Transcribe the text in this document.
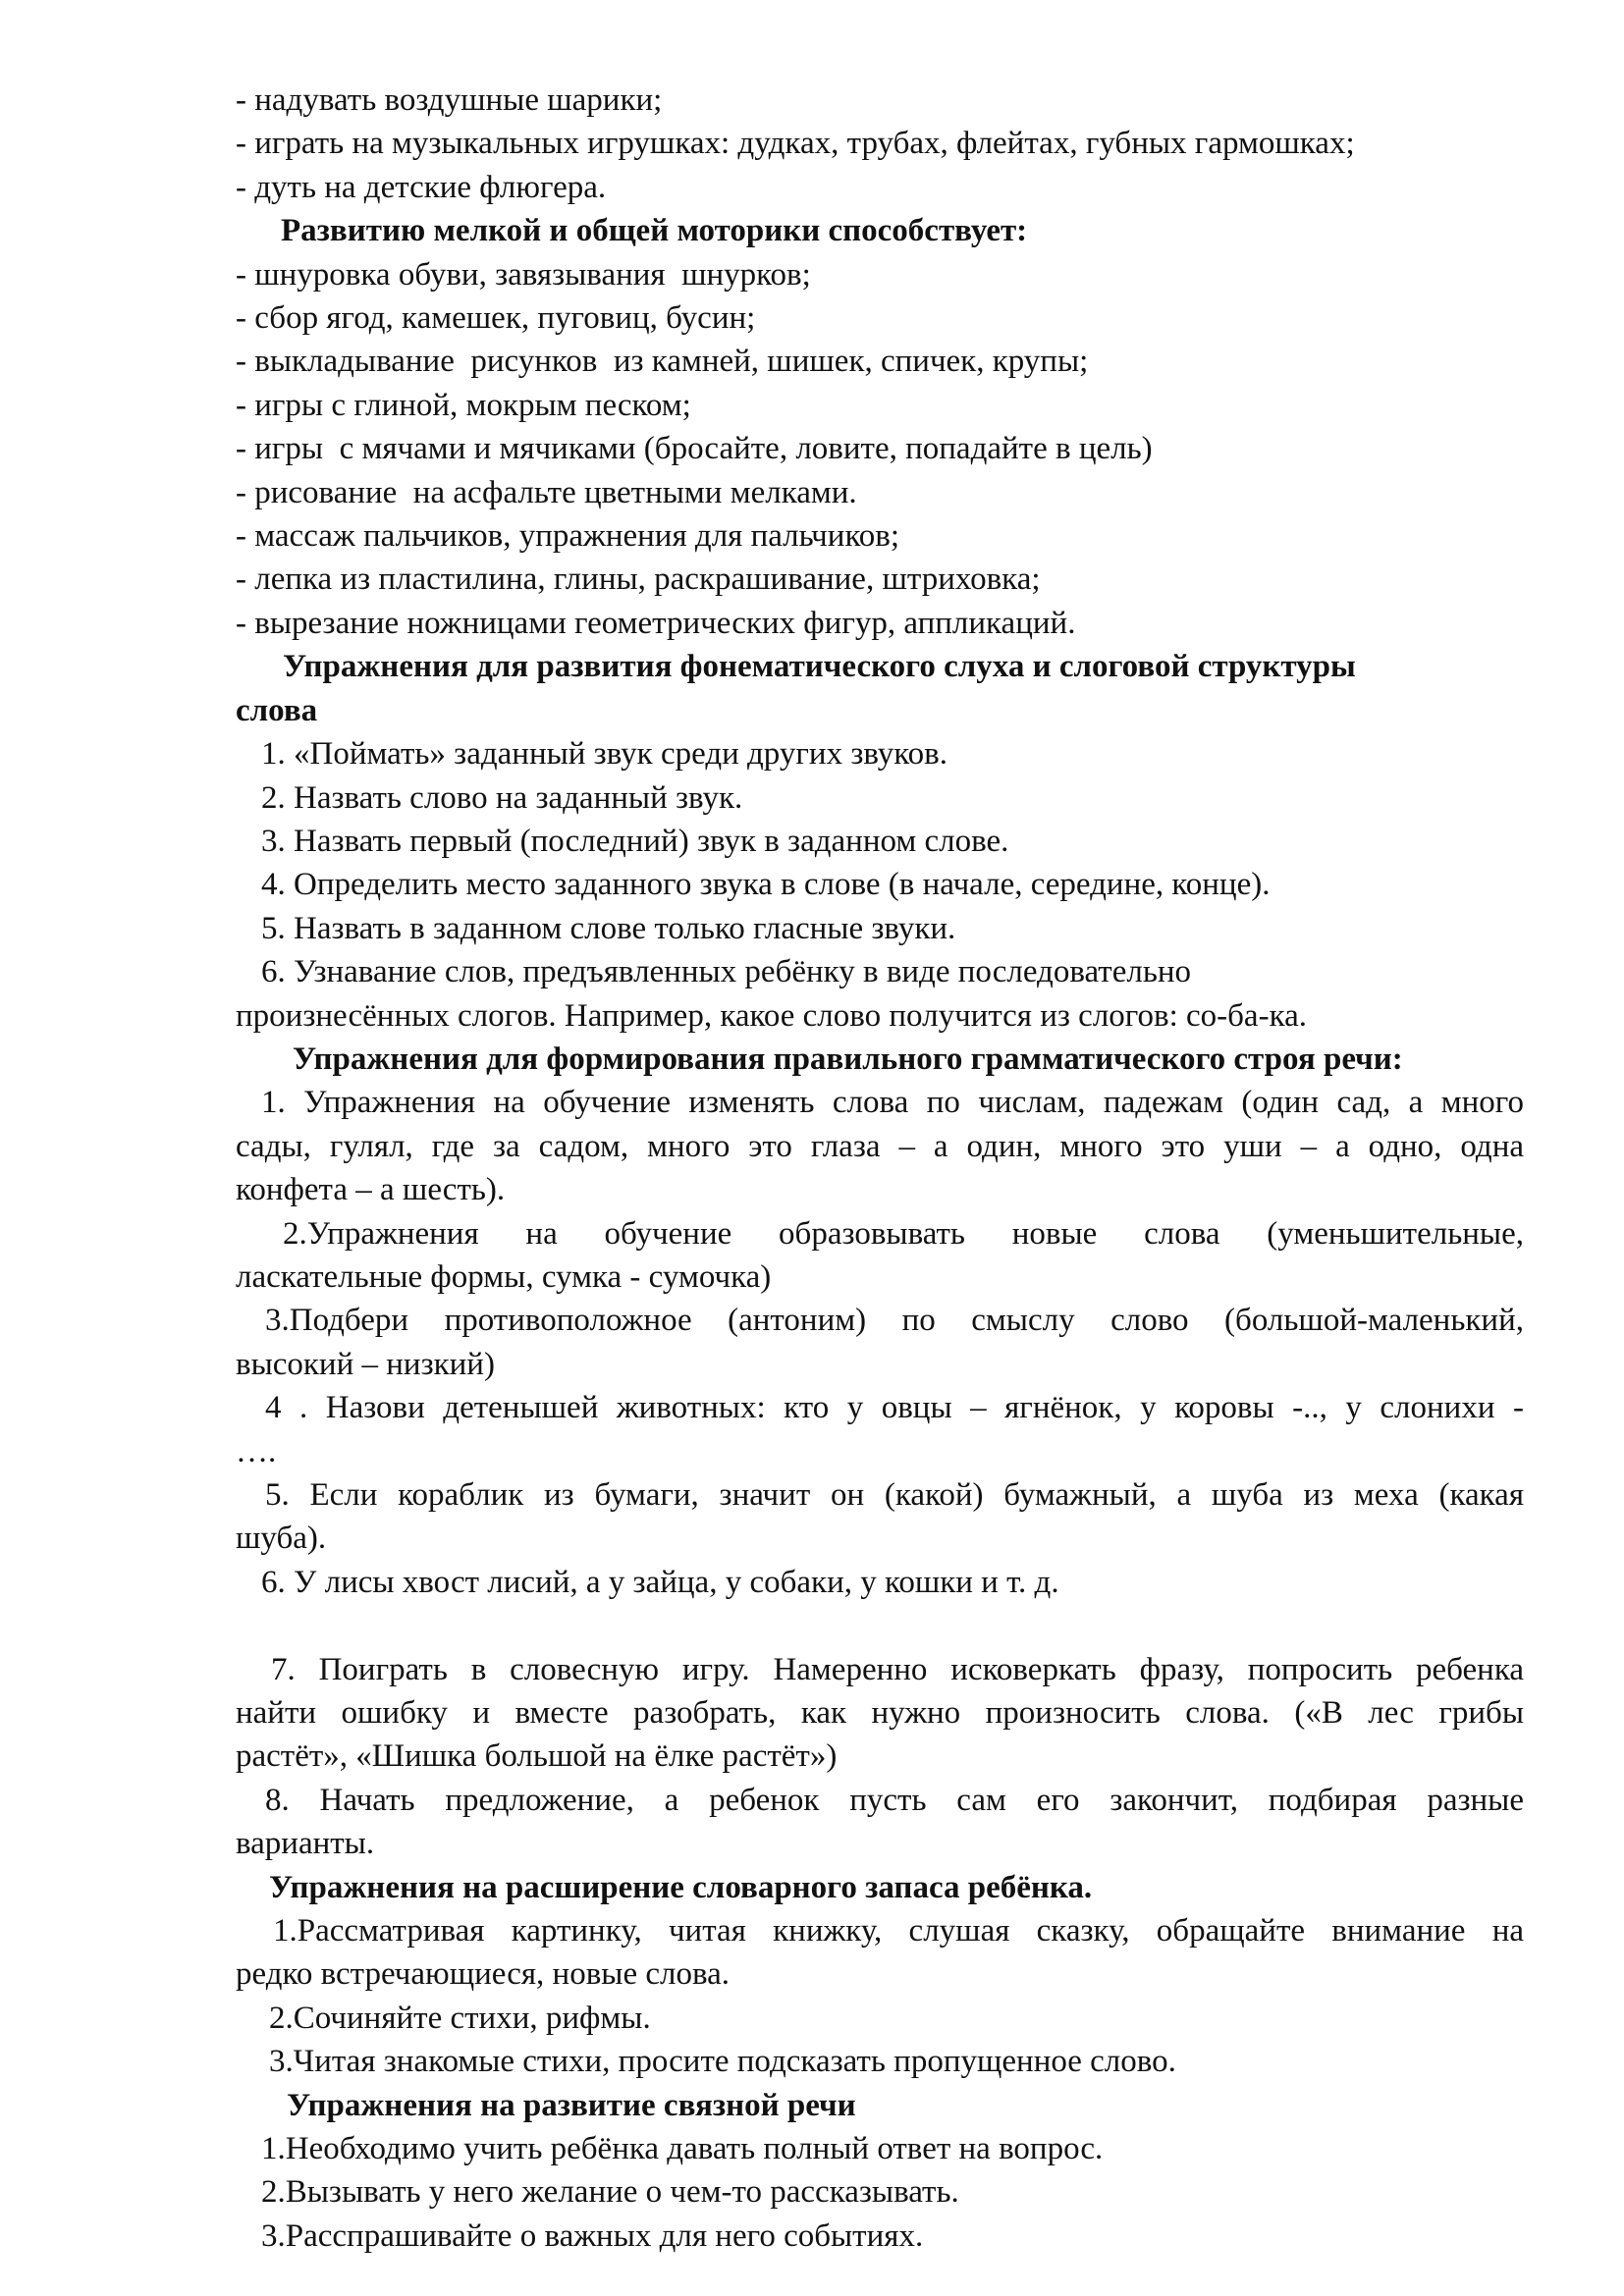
- надувать воздушные шарики;
- играть на музыкальных игрушках: дудках, трубах, флейтах, губных гармошках;
- дуть на детские флюгера.
Развитию мелкой и общей моторики способствует:
- шнуровка обуви, завязывания  шнурков;
- сбор ягод, камешек, пуговиц, бусин;
- выкладывание  рисунков  из камней, шишек, спичек, крупы;
- игры с глиной, мокрым песком;
- игры  с мячами и мячиками (бросайте, ловите, попадайте в цель)
- рисование  на асфальте цветными мелками.
- массаж пальчиков, упражнения для пальчиков;
- лепка из пластилина, глины, раскрашивание, штриховка;
- вырезание ножницами геометрических фигур, аппликаций.
Упражнения для развития фонематического слуха и слоговой структуры
слова
1. «Поймать» заданный звук среди других звуков.
2. Назвать слово на заданный звук.
3. Назвать первый (последний) звук в заданном слове.
4. Определить место заданного звука в слове (в начале, середине, конце).
5. Назвать в заданном слове только гласные звуки.
6. Узнавание слов, предъявленных ребёнку в виде последовательно
произнесённых слогов. Например, какое слово получится из слогов: со-ба-ка.
Упражнения для формирования правильного грамматического строя речи:
1. Упражнения на обучение изменять слова по числам, падежам (один сад, а много
сады, гулял, где за садом, много это глаза – а один, много это уши – а одно, одна
конфета – а шесть).
2.Упражнения на обучение образовывать новые слова (уменьшительные,
ласкательные формы, сумка - сумочка)
3.Подбери противоположное (антоним) по смыслу слово (большой-маленький,
высокий – низкий)
4 . Назови детенышей животных: кто у овцы – ягнёнок, у коровы -.., у слонихи -
….
5. Если кораблик из бумаги, значит он (какой) бумажный, а шуба из меха (какая
шуба).
6. У лисы хвост лисий, а у зайца, у собаки, у кошки и т. д.
7. Поиграть в словесную игру. Намеренно исковеркать фразу, попросить ребенка
найти ошибку и вместе разобрать, как нужно произносить слова. («В лес грибы
растёт», «Шишка большой на ёлке растёт»)
8. Начать предложение, а ребенок пусть сам его закончит, подбирая разные
варианты.
Упражнения на расширение словарного запаса ребёнка.
1.Рассматривая картинку, читая книжку, слушая сказку, обращайте внимание на
редко встречающиеся, новые слова.
2.Сочиняйте стихи, рифмы.
3.Читая знакомые стихи, просите подсказать пропущенное слово.
Упражнения на развитие связной речи
1.Необходимо учить ребёнка давать полный ответ на вопрос.
2.Вызывать у него желание о чем-то рассказывать.
3.Расспрашивайте о важных для него событиях.
